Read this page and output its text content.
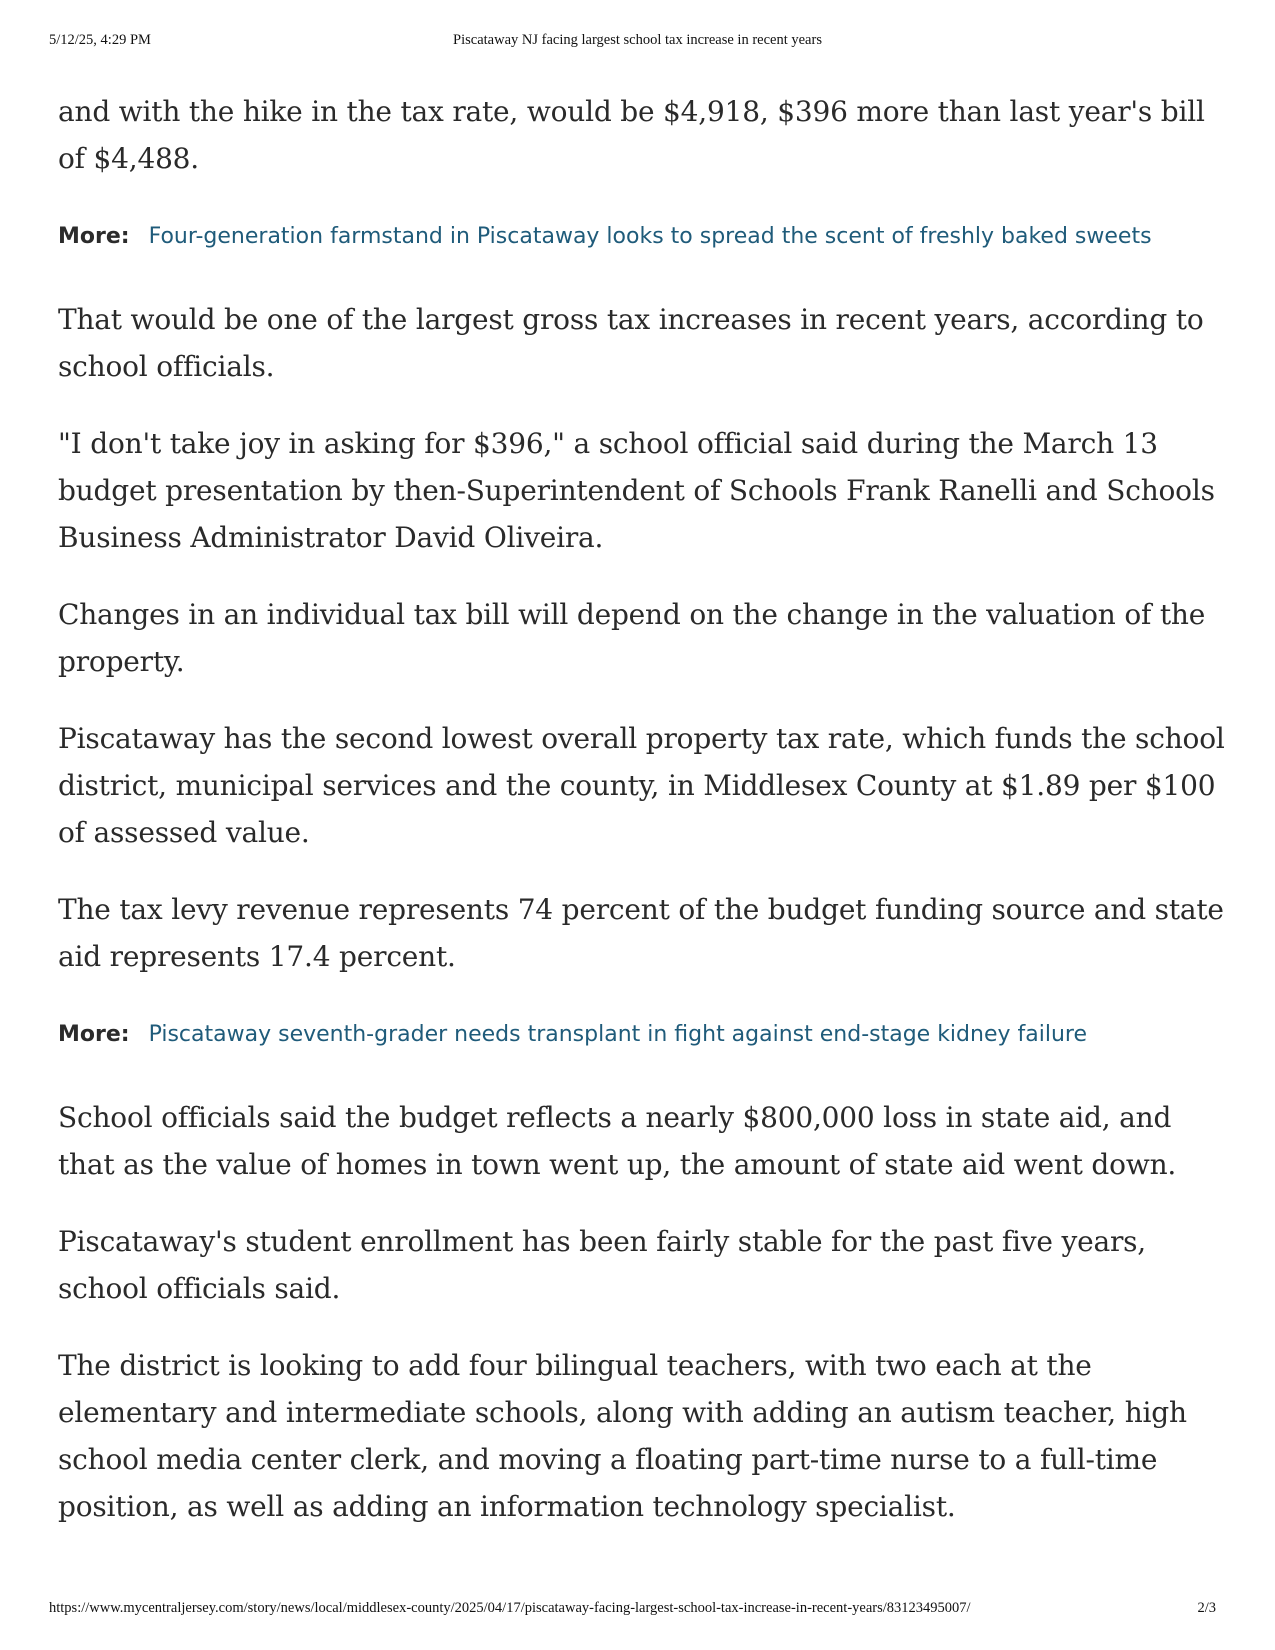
5/12/25, 4:29 PM	Piscataway NJ facing largest school tax increase in recent years

and with the hike in the tax rate, would be $4,918, $396 more than last year's bill of $4,488.

More: Four-generation farmstand in Piscataway looks to spread the scent of freshly baked sweets

That would be one of the largest gross tax increases in recent years, according to school officials.

"I don't take joy in asking for $396," a school official said during the March 13 budget presentation by then-Superintendent of Schools Frank Ranelli and Schools Business Administrator David Oliveira.

Changes in an individual tax bill will depend on the change in the valuation of the property.

Piscataway has the second lowest overall property tax rate, which funds the school district, municipal services and the county, in Middlesex County at $1.89 per $100 of assessed value.

The tax levy revenue represents 74 percent of the budget funding source and state aid represents 17.4 percent.

More: Piscataway seventh-grader needs transplant in fight against end-stage kidney failure

School officials said the budget reflects a nearly $800,000 loss in state aid, and that as the value of homes in town went up, the amount of state aid went down.

Piscataway's student enrollment has been fairly stable for the past five years, school officials said.

The district is looking to add four bilingual teachers, with two each at the elementary and intermediate schools, along with adding an autism teacher, high school media center clerk, and moving a floating part-time nurse to a full-time position, as well as adding an information technology specialist.

https://www.mycentraljersey.com/story/news/local/middlesex-county/2025/04/17/piscataway-facing-largest-school-tax-increase-in-recent-years/83123495007/	2/3
